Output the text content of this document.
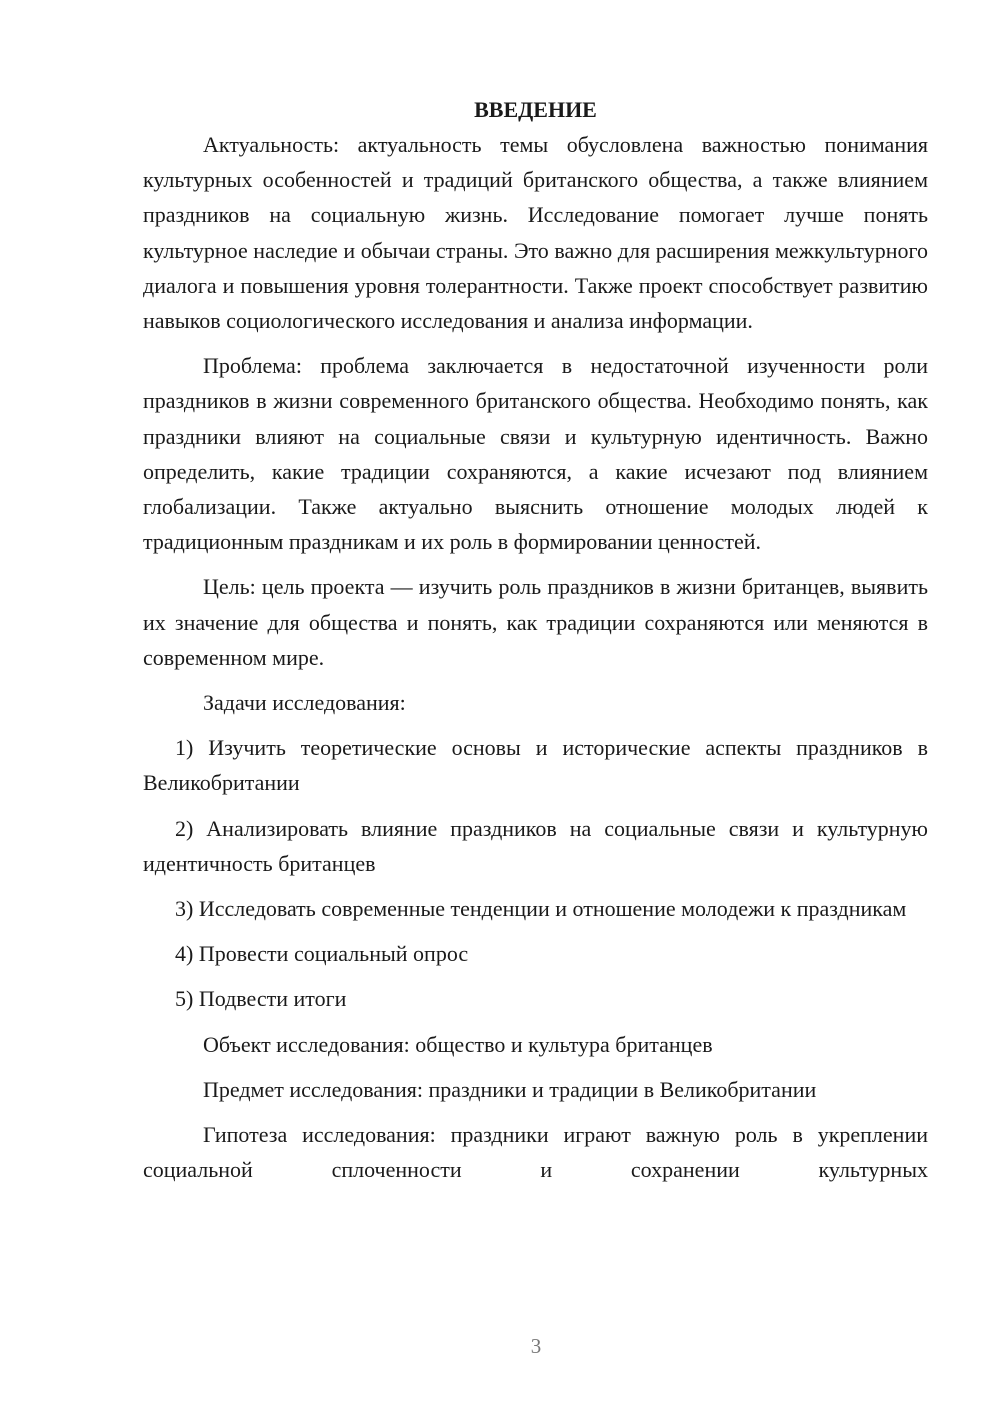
ВВЕДЕНИЕ

Актуальность: актуальность темы обусловлена важностью понимания культурных особенностей и традиций британского общества, а также влиянием праздников на социальную жизнь. Исследование помогает лучше понять культурное наследие и обычаи страны. Это важно для расширения межкультурного диалога и повышения уровня толерантности. Также проект способствует развитию навыков социологического исследования и анализа информации.

Проблема: проблема заключается в недостаточной изученности роли праздников в жизни современного британского общества. Необходимо понять, как праздники влияют на социальные связи и культурную идентичность. Важно определить, какие традиции сохраняются, а какие исчезают под влиянием глобализации. Также актуально выяснить отношение молодых людей к традиционным праздникам и их роль в формировании ценностей.

Цель: цель проекта — изучить роль праздников в жизни британцев, выявить их значение для общества и понять, как традиции сохраняются или меняются в современном мире.

Задачи исследования:

1) Изучить теоретические основы и исторические аспекты праздников в Великобритании

2) Анализировать влияние праздников на социальные связи и культурную идентичность британцев

3) Исследовать современные тенденции и отношение молодежи к праздникам

4) Провести социальный опрос

5) Подвести итоги

Объект исследования: общество и культура британцев

Предмет исследования: праздники и традиции в Великобритании

Гипотеза исследования: праздники играют важную роль в укреплении социальной сплоченности и сохранении культурных

3
